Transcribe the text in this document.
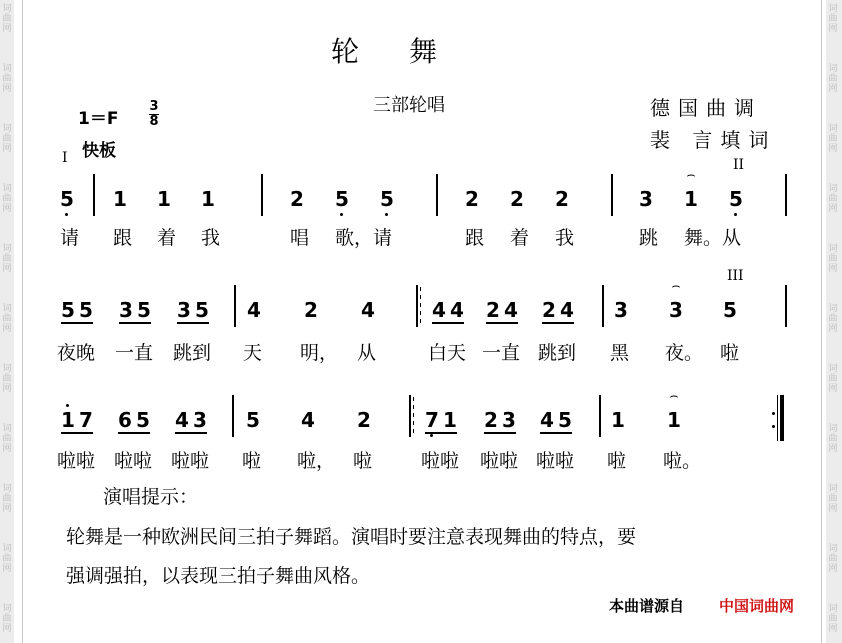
词
曲
网
词
曲
网
词
曲
网
词
曲
网
词
曲
网
词
曲
网
词
曲
网
词
曲
网
词
曲
网
词
曲
网
词
曲
网
词
曲
网
词
曲
网
词
曲
网
词
曲
网
词
曲
网
词
曲
网
词
曲
网
词
曲
网
词
曲
网
词
曲
网
词
曲
网
轮舞
三部轮唱	德国曲调
裴 言填词
1＝F
3
8
快板
I	II
III
5 1 1 1	2 5 5	2 2 2	3 1
⌢
5
请 跟 着 我	唱 歌，请	跟 着 我	跳 舞。从
5 5 3 5 3 5 4 2 4	4 4 2 4 2 4 3 3
⌢
5
夜晚 一直 跳到 天 明， 从	白天 一直 跳到 黑 夜。 啦
1 7 6 5 4 3 5 4 2	7 1 2 3 4 5 1 1
⌢
啦啦 啦啦 啦啦 啦 啦， 啦	啦啦 啦啦 啦啦 啦 啦。
演唱提示：
轮舞是一种欧洲民间三拍子舞蹈。演唱时要注意表现舞曲的特点，要
强调强拍，以表现三拍子舞曲风格。
本曲谱源自 中国词曲网
